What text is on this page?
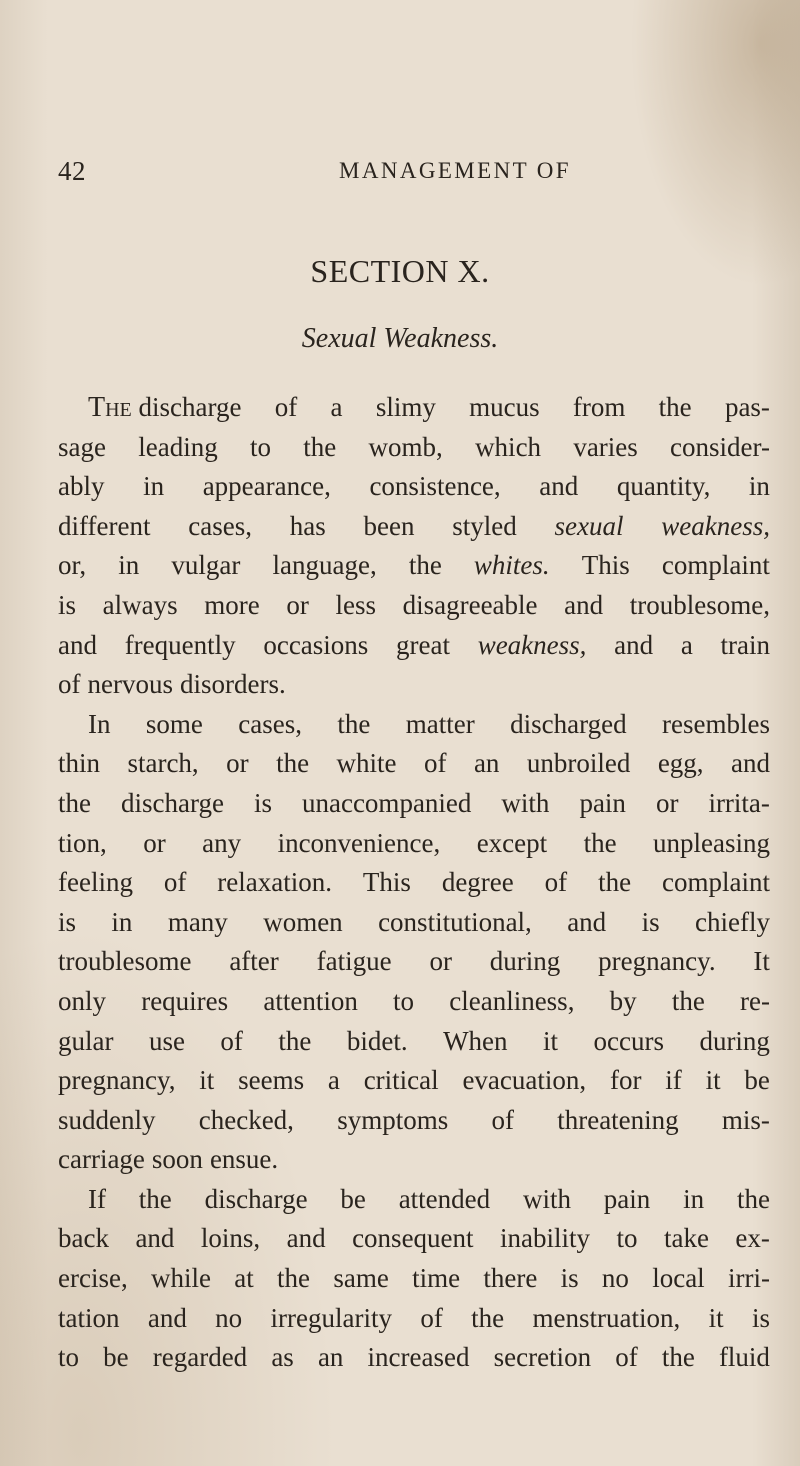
42	MANAGEMENT OF
SECTION X.
Sexual Weakness.
The discharge of a slimy mucus from the pas-
sage leading to the womb, which varies consider-
ably in appearance, consistence, and quantity, in
different cases, has been styled sexual weakness,
or, in vulgar language, the whites. This complaint
is always more or less disagreeable and troublesome,
and frequently occasions great weakness, and a train
of nervous disorders.
In some cases, the matter discharged resembles
thin starch, or the white of an unbroiled egg, and
the discharge is unaccompanied with pain or irrita-
tion, or any inconvenience, except the unpleasing
feeling of relaxation. This degree of the complaint
is in many women constitutional, and is chiefly
troublesome after fatigue or during pregnancy. It
only requires attention to cleanliness, by the re-
gular use of the bidet. When it occurs during
pregnancy, it seems a critical evacuation, for if it be
suddenly checked, symptoms of threatening mis-
carriage soon ensue.
If the discharge be attended with pain in the
back and loins, and consequent inability to take ex-
ercise, while at the same time there is no local irri-
tation and no irregularity of the menstruation, it is
to be regarded as an increased secretion of the fluid
